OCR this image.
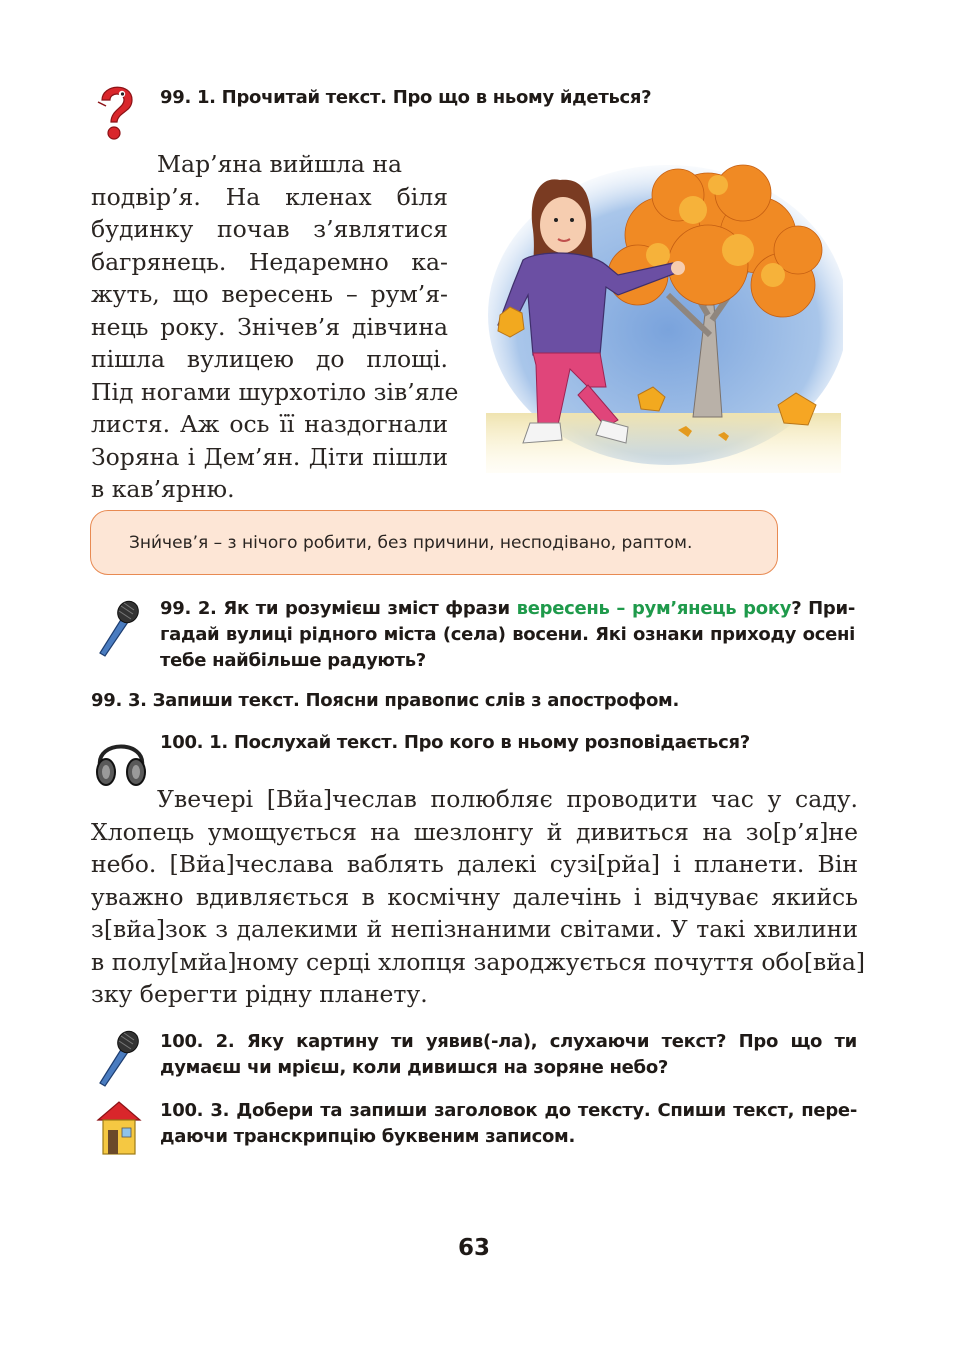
99. 1. Прочитай текст. Про що в ньому йдеться?
Мар’яна вийшла на
подвір’я. На кленах біля
будинку почав з’являтися
багрянець. Недаремно ка-
жуть, що вересень – рум’я-
нець року. Знічев’я дівчина
пішла вулицею до площі.
Під ногами шурхотіло зів’яле
листя. Аж ось її наздогнали
Зоряна і Дем’ян. Діти пішли
в кав’ярню.
Зни́чев’я – з нічого робити, без причини, несподівано, раптом.
99. 2. Як ти розумієш зміст фрази вересень – рум’янець року? При-
гадай вулиці рідного міста (села) восени. Які ознаки приходу осені
тебе найбільше радують?
99. 3. Запиши текст. Поясни правопис слів з апострофом.
100. 1. Послухай текст. Про кого в ньому розповідається?
Увечері [Вйа]чеслав полюбляє проводити час у саду.
Хлопець умощується на шезлонгу й дивиться на зо[р’я]не
небо. [Вйа]чеслава ваблять далекі сузі[рйа] і планети. Він
уважно вдивляється в космічну далечінь і відчуває якийсь
з[вйа]зок з далекими й непізнаними світами. У такі хвилини
в полу[мйа]ному серці хлопця зароджується почуття обо[вйа]
зку берегти рідну планету.
100. 2. Яку картину ти уявив(-ла), слухаючи текст? Про що ти
думаєш чи мрієш, коли дивишся на зоряне небо?
100. 3. Добери та запиши заголовок до тексту. Спиши текст, пере-
даючи транскрипцію буквеним записом.
63
